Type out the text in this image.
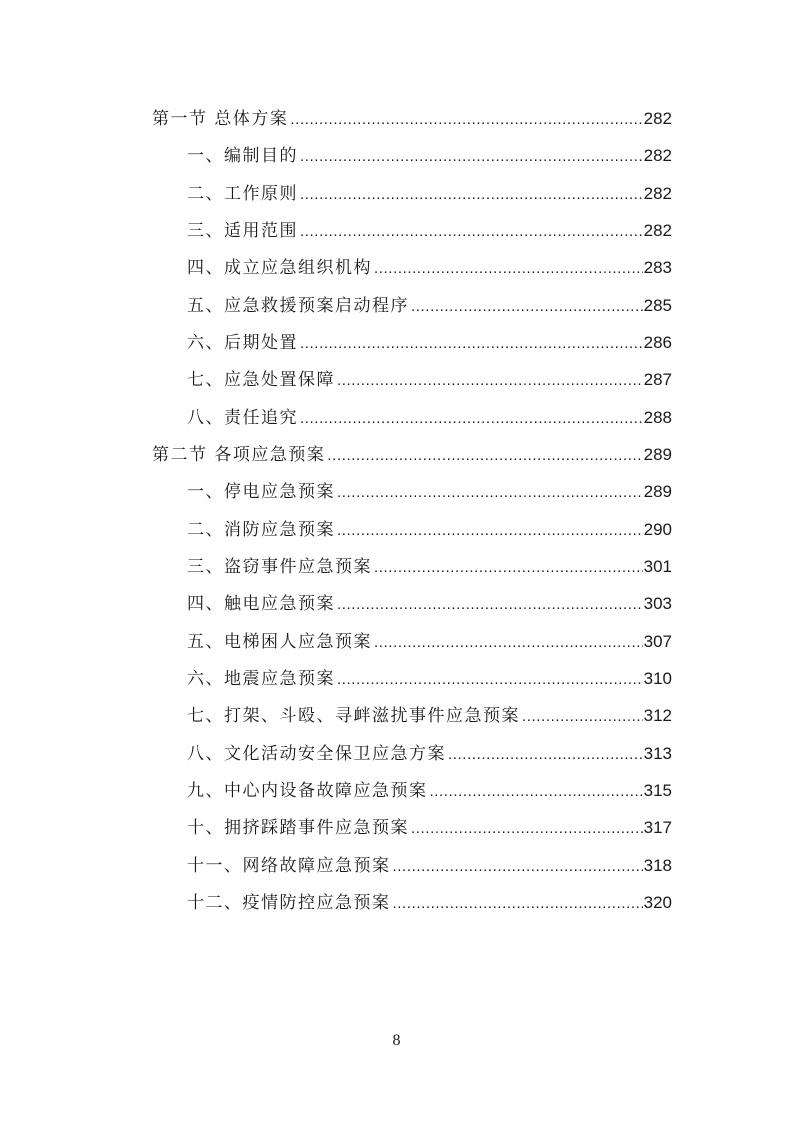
第一节 总体方案 .....	282
一、编制目的 .....	282
二、工作原则 .....	282
三、适用范围 .....	282
四、成立应急组织机构 .....	283
五、应急救援预案启动程序 .....	285
六、后期处置 .....	286
七、应急处置保障 .....	287
八、责任追究 .....	288
第二节 各项应急预案 .....	289
一、停电应急预案 .....	289
二、消防应急预案 .....	290
三、盗窃事件应急预案 .....	301
四、触电应急预案 .....	303
五、电梯困人应急预案 .....	307
六、地震应急预案 .....	310
七、打架、斗殴、寻衅滋扰事件应急预案 .....	312
八、文化活动安全保卫应急方案 .....	313
九、中心内设备故障应急预案 .....	315
十、拥挤踩踏事件应急预案 .....	317
十一、网络故障应急预案 .....	318
十二、疫情防控应急预案 .....	320
8
